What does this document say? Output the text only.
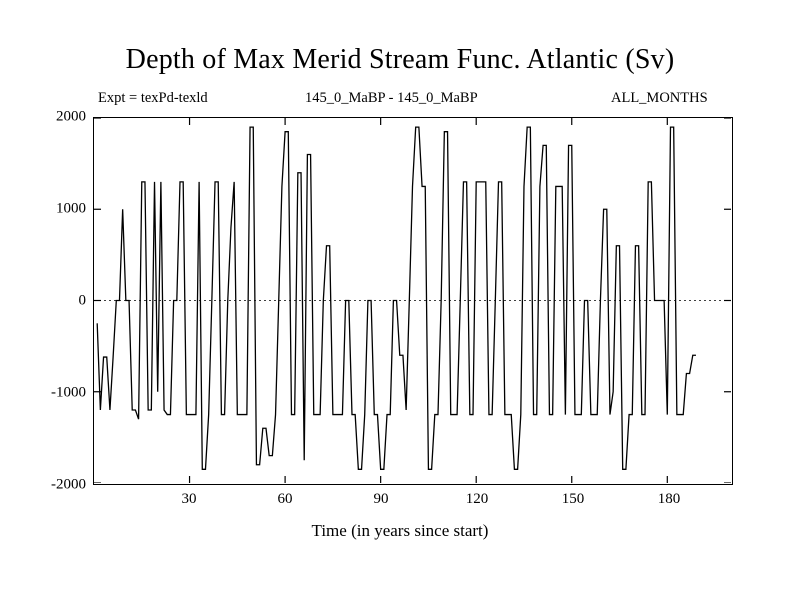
Depth of Max Merid Stream Func. Atlantic (Sv)
Expt = texPd-texld	145_0_MaBP - 145_0_MaBP	ALL_MONTHS
2000
1000
0
-1000
-2000
30	60	90	120	150	180
Time (in years since start)
